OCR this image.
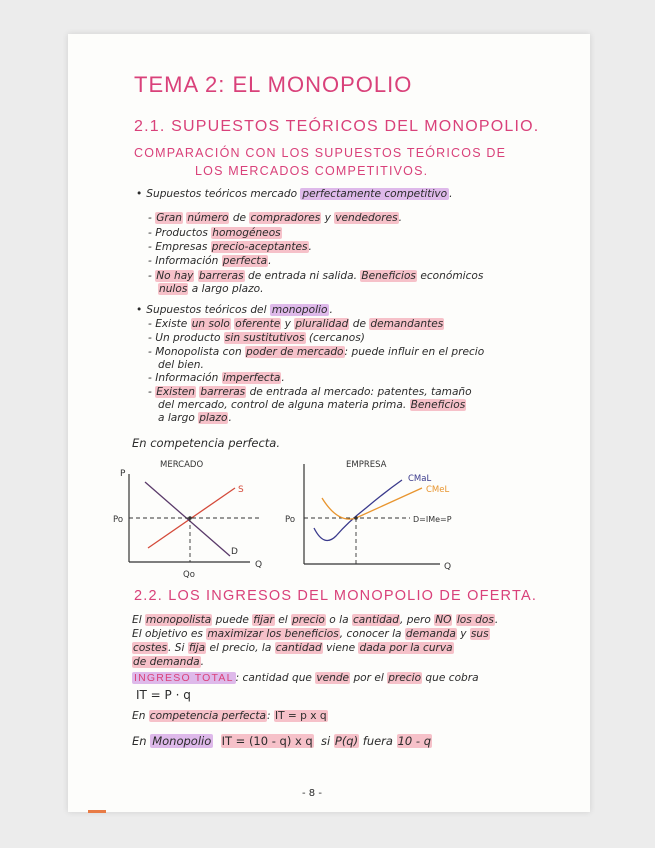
TEMA 2: EL MONOPOLIO
2.1. SUPUESTOS TEÓRICOS DEL MONOPOLIO.
COMPARACIÓN CON LOS SUPUESTOS TEÓRICOS DE
LOS MERCADOS COMPETITIVOS.
• Supuestos teóricos mercado perfectamente competitivo .
- Gran número de compradores y vendedores.
- Productos homogéneos
- Empresas precio-aceptantes.
- Información perfecta.
- No hay barreras de entrada ni salida. Beneficios económicos
nulos a largo plazo.
• Supuestos teóricos del monopolio .
- Existe un solo oferente y pluralidad de demandantes
- Un producto sin sustitutivos (cercanos)
- Monopolista con poder de mercado: puede influir en el precio
del bien.
- Información imperfecta.
- Existen barreras de entrada al mercado: patentes, tamaño
del mercado, control de alguna materia prima. Beneficios
a largo plazo.
En competencia perfecta.
MERCADO
P
Q
S
D
Po
Qo
EMPRESA
Q
D=IMe=P
CMaL
CMeL
Po
2.2. LOS INGRESOS DEL MONOPOLIO DE OFERTA.
El monopolista puede fijar el precio o la cantidad, pero NO los dos.
El objetivo es maximizar los beneficios, conocer la demanda y sus
costes. Si fija el precio, la cantidad viene dada por la curva
de demanda.
INGRESO TOTAL : cantidad que vende por el precio que cobra
IT = P · q
En competencia perfecta: IT = p x q
En Monopolio IT = (10 - q) x q si P(q) fuera 10 - q
- 8 -
